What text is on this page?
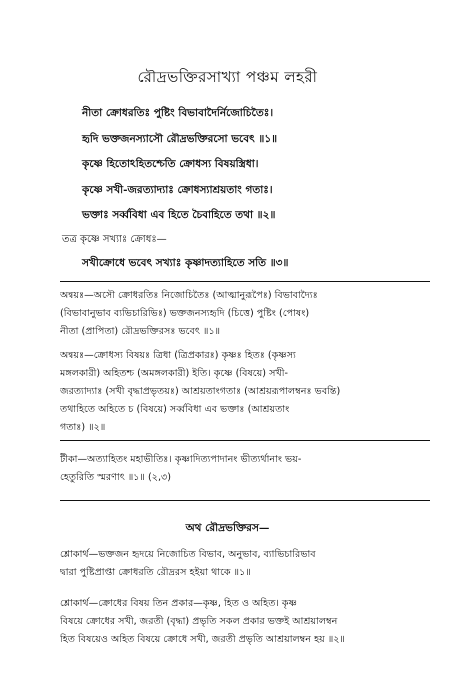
রৌদ্রভক্তিরসাখ্যা পঞ্চম লহরী
নীতা ক্রোধরতিঃ পুষ্টিং বিভাবাদৈর্নিজোচিতৈঃ।
হৃদি ভক্তজনস্যাসৌ রৌদ্রভক্তিরসো ভবেৎ ॥১॥
কৃষ্ণে হিতোঽহিতশ্চেতি ক্রোধস্য বিষয়স্ত্রিধা।
কৃষ্ণে সখী-জরত্যাদ্যাঃ ক্রোধস্যাশ্রয়তাং গতাঃ।
ভক্তাঃ সর্ব্ববিধা এব হিতে চৈবাহিতে তথা ॥২॥
তত্র কৃষ্ণে সখ্যাঃ ক্রোধঃ—
সখীক্রোধে ভবেৎ সখ্যাঃ কৃষ্ণাদত্যাহিতে সতি ॥৩॥
অন্বয়ঃ—অসৌ ক্রোধরতিঃ নিজোচিতৈঃ (আত্মানুরূপৈঃ) বিভাবাদ্যৈঃ
(বিভাবানুভাব ব্যভিচারিভিঃ) ভক্তজনস্যহৃদি (চিত্তে) পুষ্টিং (পোষং)
নীতা (প্রাপিতা) রৌদ্রভক্তিরসঃ ভবেৎ ॥১॥
অন্বয়ঃ—ক্রোধস্য বিষয়ঃ ত্রিধা (ত্রিপ্রকারঃ) কৃষ্ণঃ হিতঃ (কৃষ্ণস্য
মঙ্গলকারী) অহিতশ্চ (অমঙ্গলকারী) ইতি। কৃষ্ণে (বিষয়ে) সখী-
জরত্যাদ্যাঃ (সখী বৃদ্ধাপ্রভৃতয়ঃ) আশ্রয়তাংগতাঃ (আশ্রয়রূপালম্বনঃ ভবন্তি)
তথাহিতে অহিতে চ (বিষয়ে) সর্ব্ববিধা এব ভক্তাঃ (আশ্রয়তাং
গতাঃ) ॥২॥
টীকা—অত্যাহিতং মহাভীতিঃ। কৃষ্ণাদিত্যপাদানং ভীত্যর্থানাং ভয়-
হেতুরিতি স্মরণাৎ ॥১॥ (২,৩)
অথ রৌদ্রভক্তিরস—
শ্লোকার্থ—ভক্তজন হৃদয়ে নিজোচিত বিভাব, অনুভাব, ব্যাভিচারিভাব
দ্বারা পুষ্টিপ্রাপ্তা ক্রোধরতি রৌদ্ররস হইয়া থাকে ॥১॥
শ্লোকার্থ—ক্রোধের বিষয় তিন প্রকার—কৃষ্ণ, হিত ও অহিত। কৃষ্ণ
বিষয়ে ক্রোধের সখী, জরতী (বৃদ্ধা) প্রভৃতি সকল প্রকার ভক্তই আশ্রয়ালম্বন
হিত বিষয়েও অহিত বিষয়ে ক্রোধে সখী, জরতী প্রভৃতি আশ্রয়ালম্বন হয় ॥২॥
